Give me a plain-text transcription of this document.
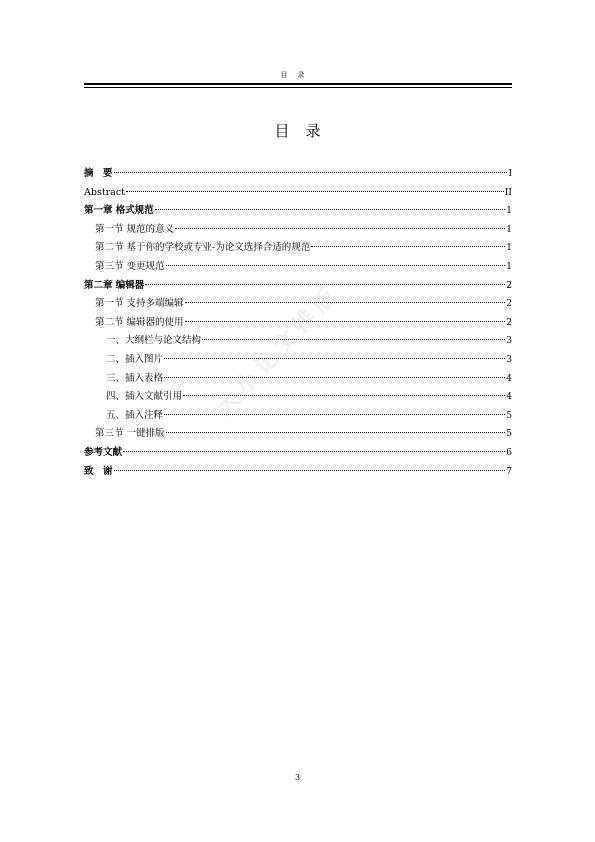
目录
目录
摘　要	I
Abstract	II
第一章 格式规范	1
第一节 规范的意义	1
第二节 基于你的学校或专业-为论文选择合适的规范	1
第三节 变更规范	1
第二章 编辑器	2
第一节 支持多端编辑	2
第二节 编辑器的使用	2
一、大纲栏与论文结构	3
二、插入图片	3
三、插入表格	4
四、插入文献引用	4
五、插入注释	5
第三节 一键排版	5
参考文献	6
致　谢	7
大小论文排版
3
